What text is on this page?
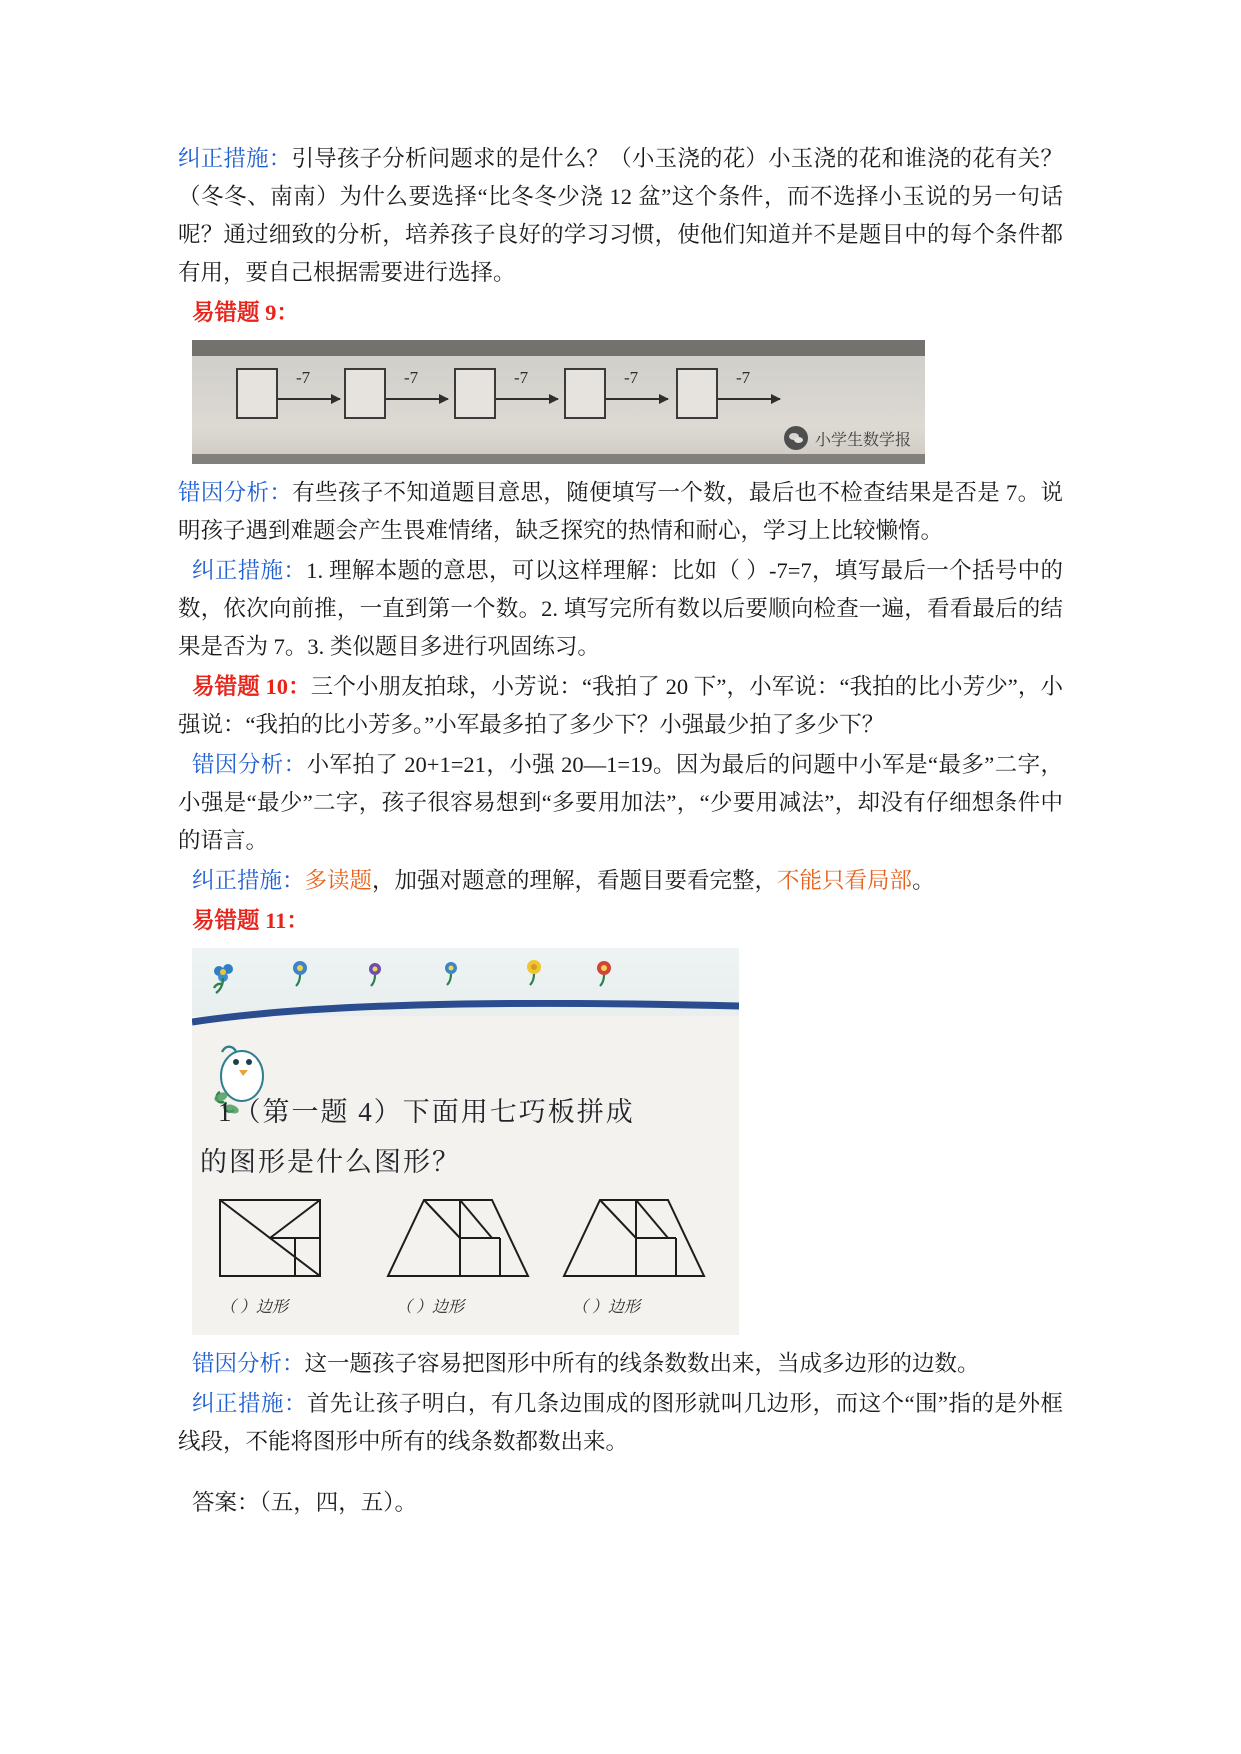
纠正措施：引导孩子分析问题求的是什么？（小玉浇的花）小玉浇的花和谁浇的花有关？（冬冬、南南）为什么要选择“比冬冬少浇 12 盆”这个条件，而不选择小玉说的另一句话呢？通过细致的分析，培养孩子良好的学习习惯，使他们知道并不是题目中的每个条件都有用，要自己根据需要进行选择。

易错题 9：

-7	-7	-7	-7	-7
小学生数学报

错因分析：有些孩子不知道题目意思，随便填写一个数，最后也不检查结果是否是 7。说明孩子遇到难题会产生畏难情绪，缺乏探究的热情和耐心，学习上比较懒惰。

纠正措施：1. 理解本题的意思，可以这样理解：比如（ ）-7=7，填写最后一个括号中的数，依次向前推，一直到第一个数。2. 填写完所有数以后要顺向检查一遍，看看最后的结果是否为 7。3. 类似题目多进行巩固练习。

易错题 10：三个小朋友拍球，小芳说：“我拍了 20 下”，小军说：“我拍的比小芳少”，小强说：“我拍的比小芳多。”小军最多拍了多少下？小强最少拍了多少下？

错因分析：小军拍了 20+1=21，小强 20—1=19。因为最后的问题中小军是“最多”二字，小强是“最少”二字，孩子很容易想到“多要用加法”，“少要用减法”，却没有仔细想条件中的语言。

纠正措施：多读题，加强对题意的理解，看题目要看完整，不能只看局部。

易错题 11：

1（第一题 4）下面用七巧板拼成
的图形是什么图形？
（ ）边形	（ ）边形	（ ）边形

错因分析：这一题孩子容易把图形中所有的线条数数出来，当成多边形的边数。

纠正措施：首先让孩子明白，有几条边围成的图形就叫几边形，而这个“围”指的是外框线段，不能将图形中所有的线条数都数出来。

答案：（五，四，五）。
